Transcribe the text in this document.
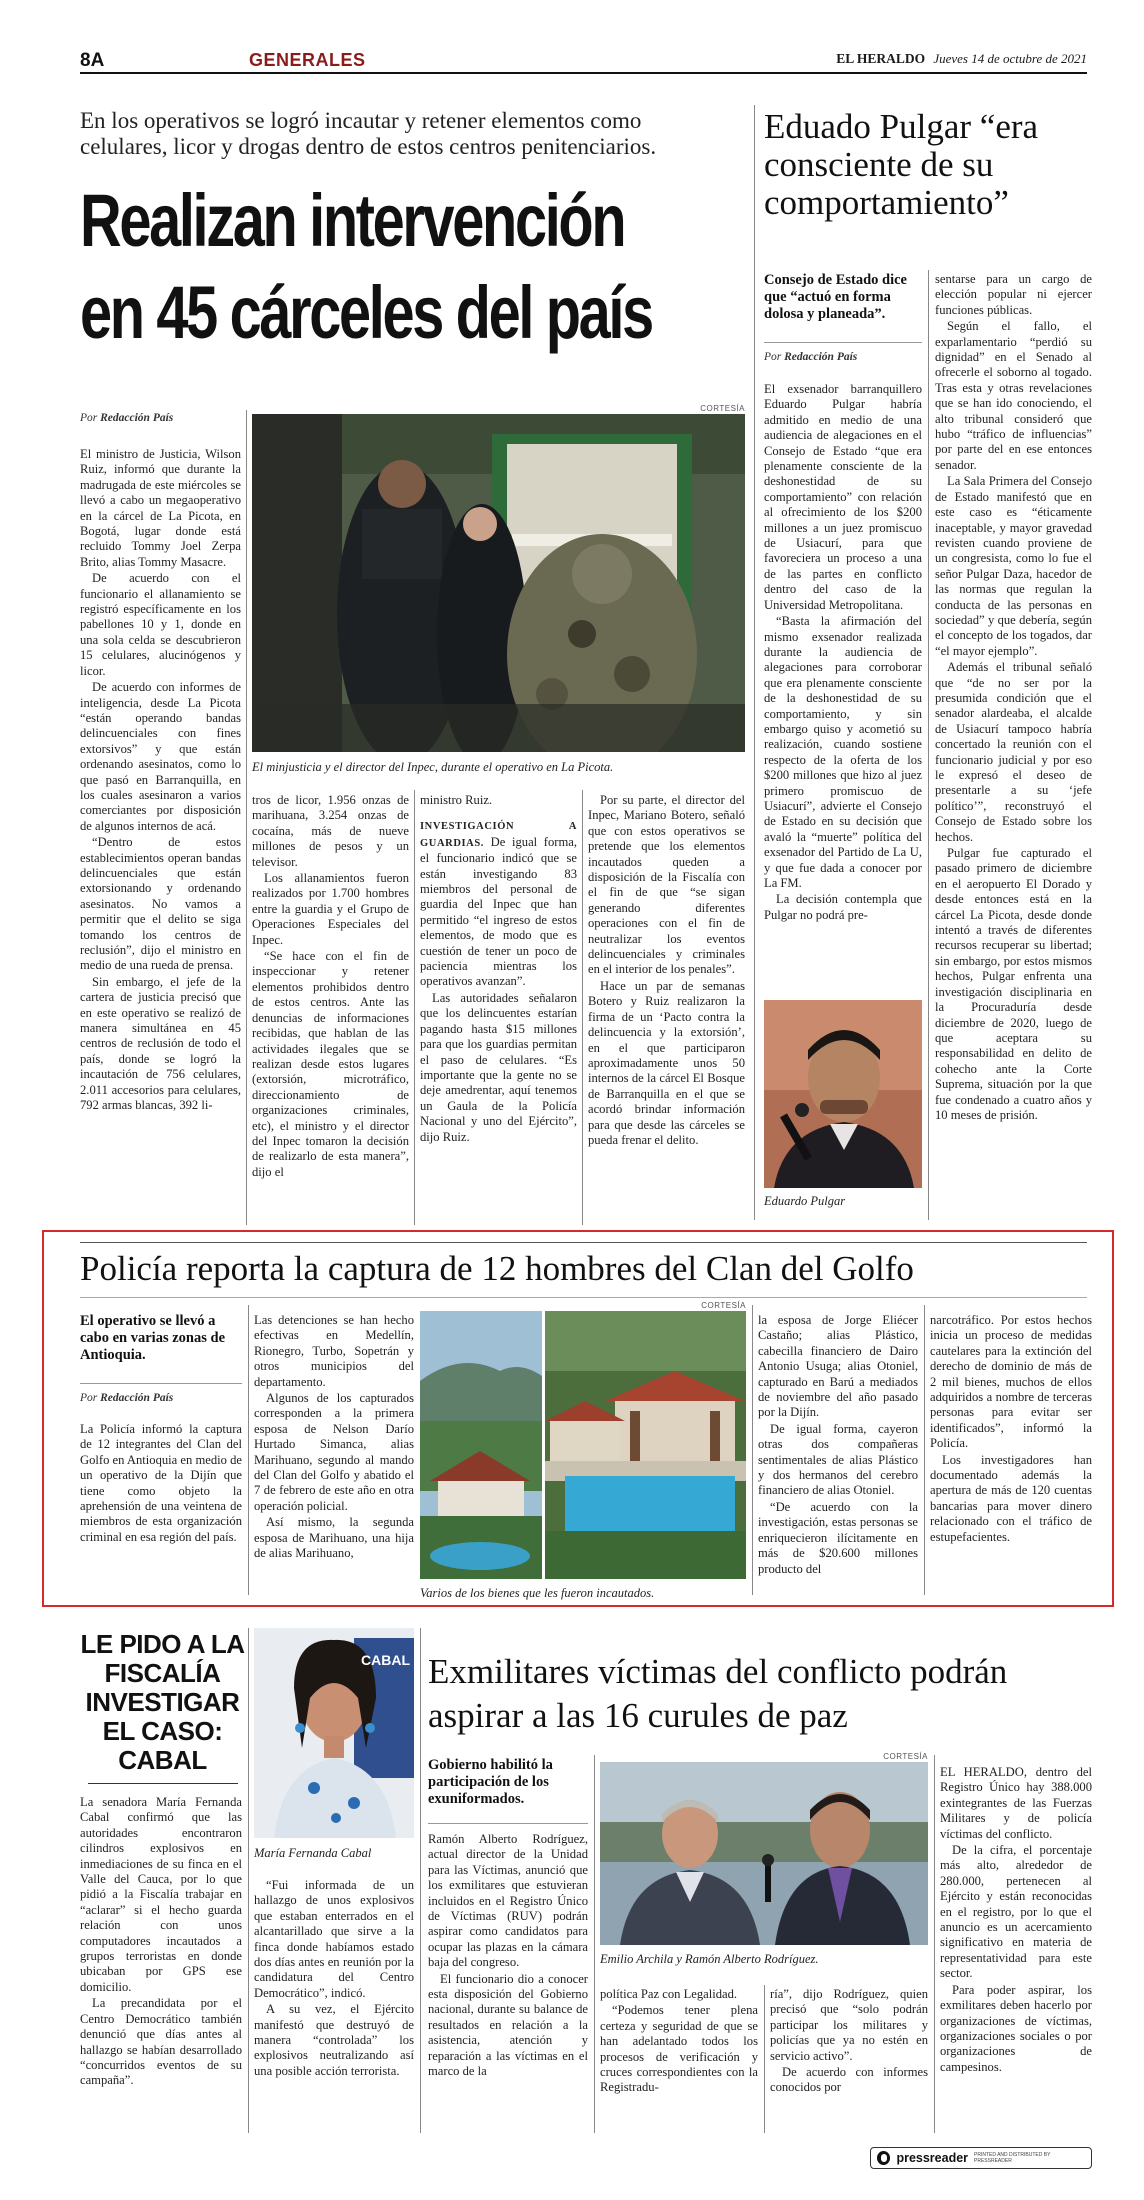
8A	GENERALES	EL HERALDO Jueves 14 de octubre de 2021
En los operativos se logró incautar y retener elementos como celulares, licor y drogas dentro de estos centros penitenciarios.
Realizan intervención
en 45 cárceles del país
Por Redacción País

El ministro de Justicia, Wilson Ruiz, informó que durante la madrugada de este miércoles se llevó a cabo un megaoperativo en la cárcel de La Picota, en Bogotá, lugar donde está recluido Tommy Joel Zerpa Brito, alias Tommy Masacre.

De acuerdo con el funcionario el allanamiento se registró específicamente en los pabellones 10 y 1, donde en una sola celda se descubrieron 15 celulares, alucinógenos y licor.

De acuerdo con informes de inteligencia, desde La Picota “están operando bandas delincuenciales con fines extorsivos” y que están ordenando asesinatos, como lo que pasó en Barranquilla, en los cuales asesinaron a varios comerciantes por disposición de algunos internos de acá.

“Dentro de estos establecimientos operan bandas delincuenciales que están extorsionando y ordenando asesinatos. No vamos a permitir que el delito se siga tomando los centros de reclusión”, dijo el ministro en medio de una rueda de prensa.

Sin embargo, el jefe de la cartera de justicia precisó que en este operativo se realizó de manera simultánea en 45 centros de reclusión de todo el país, donde se logró la incautación de 756 celulares, 2.011 accesorios para celulares, 792 armas blancas, 392 li-

CORTESÍA
El minjusticia y el director del Inpec, durante el operativo en La Picota.

tros de licor, 1.956 onzas de marihuana, 3.254 onzas de cocaína, más de nueve millones de pesos y un televisor.

Los allanamientos fueron realizados por 1.700 hombres entre la guardia y el Grupo de Operaciones Especiales del Inpec.

“Se hace con el fin de inspeccionar y retener elementos prohibidos dentro de estos centros. Ante las denuncias de informaciones recibidas, que hablan de las actividades ilegales que se realizan desde estos lugares (extorsión, microtráfico, direccionamiento de organizaciones criminales, etc), el ministro y el director del Inpec tomaron la decisión de realizarlo de esta manera”, dijo el

ministro Ruiz.

INVESTIGACIÓN A GUARDIAS. De igual forma, el funcionario indicó que se están investigando 83 miembros del personal de guardia del Inpec que han permitido “el ingreso de estos elementos, de modo que es cuestión de tener un poco de paciencia mientras los operativos avanzan”.

Las autoridades señalaron que los delincuentes estarían pagando hasta $15 millones para que los guardias permitan el paso de celulares. “Es importante que la gente no se deje amedrentar, aquí tenemos un Gaula de la Policía Nacional y uno del Ejército”, dijo Ruiz.

Por su parte, el director del Inpec, Mariano Botero, señaló que con estos operativos se pretende que los elementos incautados queden a disposición de la Fiscalía con el fin de que “se sigan generando diferentes operaciones con el fin de neutralizar los eventos delincuenciales y criminales en el interior de los penales”.

Hace un par de semanas Botero y Ruiz realizaron la firma de un ‘Pacto contra la delincuencia y la extorsión’, en el que participaron aproximadamente unos 50 internos de la cárcel El Bosque de Barranquilla en el que se acordó brindar información para que desde las cárceles se pueda frenar el delito.

Eduado Pulgar “era consciente de su comportamiento”
Consejo de Estado dice que “actuó en forma dolosa y planeada”.
Por Redacción País

El exsenador barranquillero Eduardo Pulgar habría admitido en medio de una audiencia de alegaciones en el Consejo de Estado “que era plenamente consciente de la deshonestidad de su comportamiento” con relación al ofrecimiento de los $200 millones a un juez promiscuo de Usiacurí, para que favoreciera un proceso a una de las partes en conflicto dentro del caso de la Universidad Metropolitana.

“Basta la afirmación del mismo exsenador realizada durante la audiencia de alegaciones para corroborar que era plenamente consciente de la deshonestidad de su comportamiento, y sin embargo quiso y acometió su realización, cuando sostiene respecto de la oferta de los $200 millones que hizo al juez primero promiscuo de Usiacurí”, advierte el Consejo de Estado en su decisión que avaló la “muerte” política del exsenador del Partido de La U, y que fue dada a conocer por La FM.

La decisión contempla que Pulgar no podrá pre-

Eduardo Pulgar

sentarse para un cargo de elección popular ni ejercer funciones públicas.

Según el fallo, el exparlamentario “perdió su dignidad” en el Senado al ofrecerle el soborno al togado. Tras esta y otras revelaciones que se han ido conociendo, el alto tribunal consideró que hubo “tráfico de influencias” por parte del en ese entonces senador.

La Sala Primera del Consejo de Estado manifestó que en este caso es “éticamente inaceptable, y mayor gravedad revisten cuando proviene de un congresista, como lo fue el señor Pulgar Daza, hacedor de las normas que regulan la conducta de las personas en sociedad” y que debería, según el concepto de los togados, dar “el mayor ejemplo”.

Además el tribunal señaló que “de no ser por la presumida condición que el senador alardeaba, el alcalde de Usiacurí tampoco habría concertado la reunión con el funcionario judicial y por eso le expresó el deseo de presentarle a su ‘jefe político’”, reconstruyó el Consejo de Estado sobre los hechos.

Pulgar fue capturado el pasado primero de diciembre en el aeropuerto El Dorado y desde entonces está en la cárcel La Picota, desde donde intentó a través de diferentes recursos recuperar su libertad; sin embargo, por estos mismos hechos, Pulgar enfrenta una investigación disciplinaria en la Procuraduría desde diciembre de 2020, luego de que aceptara su responsabilidad en delito de cohecho ante la Corte Suprema, situación por la que fue condenado a cuatro años y 10 meses de prisión.

Policía reporta la captura de 12 hombres del Clan del Golfo
El operativo se llevó a cabo en varias zonas de Antioquia.
Por Redacción País

La Policía informó la captura de 12 integrantes del Clan del Golfo en Antioquia en medio de un operativo de la Dijín que tiene como objeto la aprehensión de una veintena de miembros de esta organización criminal en esa región del país.

Las detenciones se han hecho efectivas en Medellín, Rionegro, Turbo, Sopetrán y otros municipios del departamento.

Algunos de los capturados corresponden a la primera esposa de Nelson Darío Hurtado Simanca, alias Marihuano, segundo al mando del Clan del Golfo y abatido el 7 de febrero de este año en otra operación policial.

Así mismo, la segunda esposa de Marihuano, una hija de alias Marihuano,

CORTESÍA
Varios de los bienes que les fueron incautados.

la esposa de Jorge Eliécer Castaño; alias Plástico, cabecilla financiero de Dairo Antonio Usuga; alias Otoniel, capturado en Barú a mediados de noviembre del año pasado por la Dijín.

De igual forma, cayeron otras dos compañeras sentimentales de alias Plástico y dos hermanos del cerebro financiero de alias Otoniel.

“De acuerdo con la investigación, estas personas se enriquecieron ilícitamente en más de $20.600 millones producto del

narcotráfico. Por estos hechos inicia un proceso de medidas cautelares para la extinción del derecho de dominio de más de 2 mil bienes, muchos de ellos adquiridos a nombre de terceras personas para evitar ser identificados”, informó la Policía.

Los investigadores han documentado además la apertura de más de 120 cuentas bancarias para mover dinero relacionado con el tráfico de estupefacientes.

LE PIDO A LA FISCALÍA INVESTIGAR EL CASO: CABAL

La senadora María Fernanda Cabal confirmó que las autoridades encontraron cilindros explosivos en inmediaciones de su finca en el Valle del Cauca, por lo que pidió a la Fiscalía trabajar en “aclarar” si el hecho guarda relación con unos computadores incautados a grupos terroristas en donde ubicaban por GPS ese domicilio.

La precandidata por el Centro Democrático también denunció que días antes al hallazgo se habían desarrollado “concurridos eventos de su campaña”.

CABAL
María Fernanda Cabal

“Fui informada de un hallazgo de unos explosivos que estaban enterrados en el alcantarillado que sirve a la finca donde habíamos estado dos días antes en reunión por la candidatura del Centro Democrático”, indicó.

A su vez, el Ejército manifestó que destruyó de manera “controlada” los explosivos neutralizando así una posible acción terrorista.

Exmilitares víctimas del conflicto podrán aspirar a las 16 curules de paz
Gobierno habilitó la participación de los exuniformados.

Ramón Alberto Rodríguez, actual director de la Unidad para las Víctimas, anunció que los exmilitares que estuvieran incluidos en el Registro Único de Víctimas (RUV) podrán aspirar como candidatos para ocupar las plazas en la cámara baja del congreso.

El funcionario dio a conocer esta disposición del Gobierno nacional, durante su balance de resultados en relación a la asistencia, atención y reparación a las víctimas en el marco de la

CORTESÍA
Emilio Archila y Ramón Alberto Rodríguez.

política Paz con Legalidad.

“Podemos tener plena certeza y seguridad de que se han adelantado todos los procesos de verificación y cruces correspondientes con la Registradu-

ría”, dijo Rodríguez, quien precisó que “solo podrán participar los militares y policías que ya no estén en servicio activo”.

De acuerdo con informes conocidos por

EL HERALDO, dentro del Registro Único hay 388.000 exintegrantes de las Fuerzas Militares y de policía víctimas del conflicto.

De la cifra, el porcentaje más alto, alrededor de 280.000, pertenecen al Ejército y están reconocidas en el registro, por lo que el anuncio es un acercamiento significativo en materia de representatividad para este sector.

Para poder aspirar, los exmilitares deben hacerlo por organizaciones de víctimas, organizaciones sociales o por organizaciones de campesinos.

pressreader PRINTED AND DISTRIBUTED BY PRESSREADER
